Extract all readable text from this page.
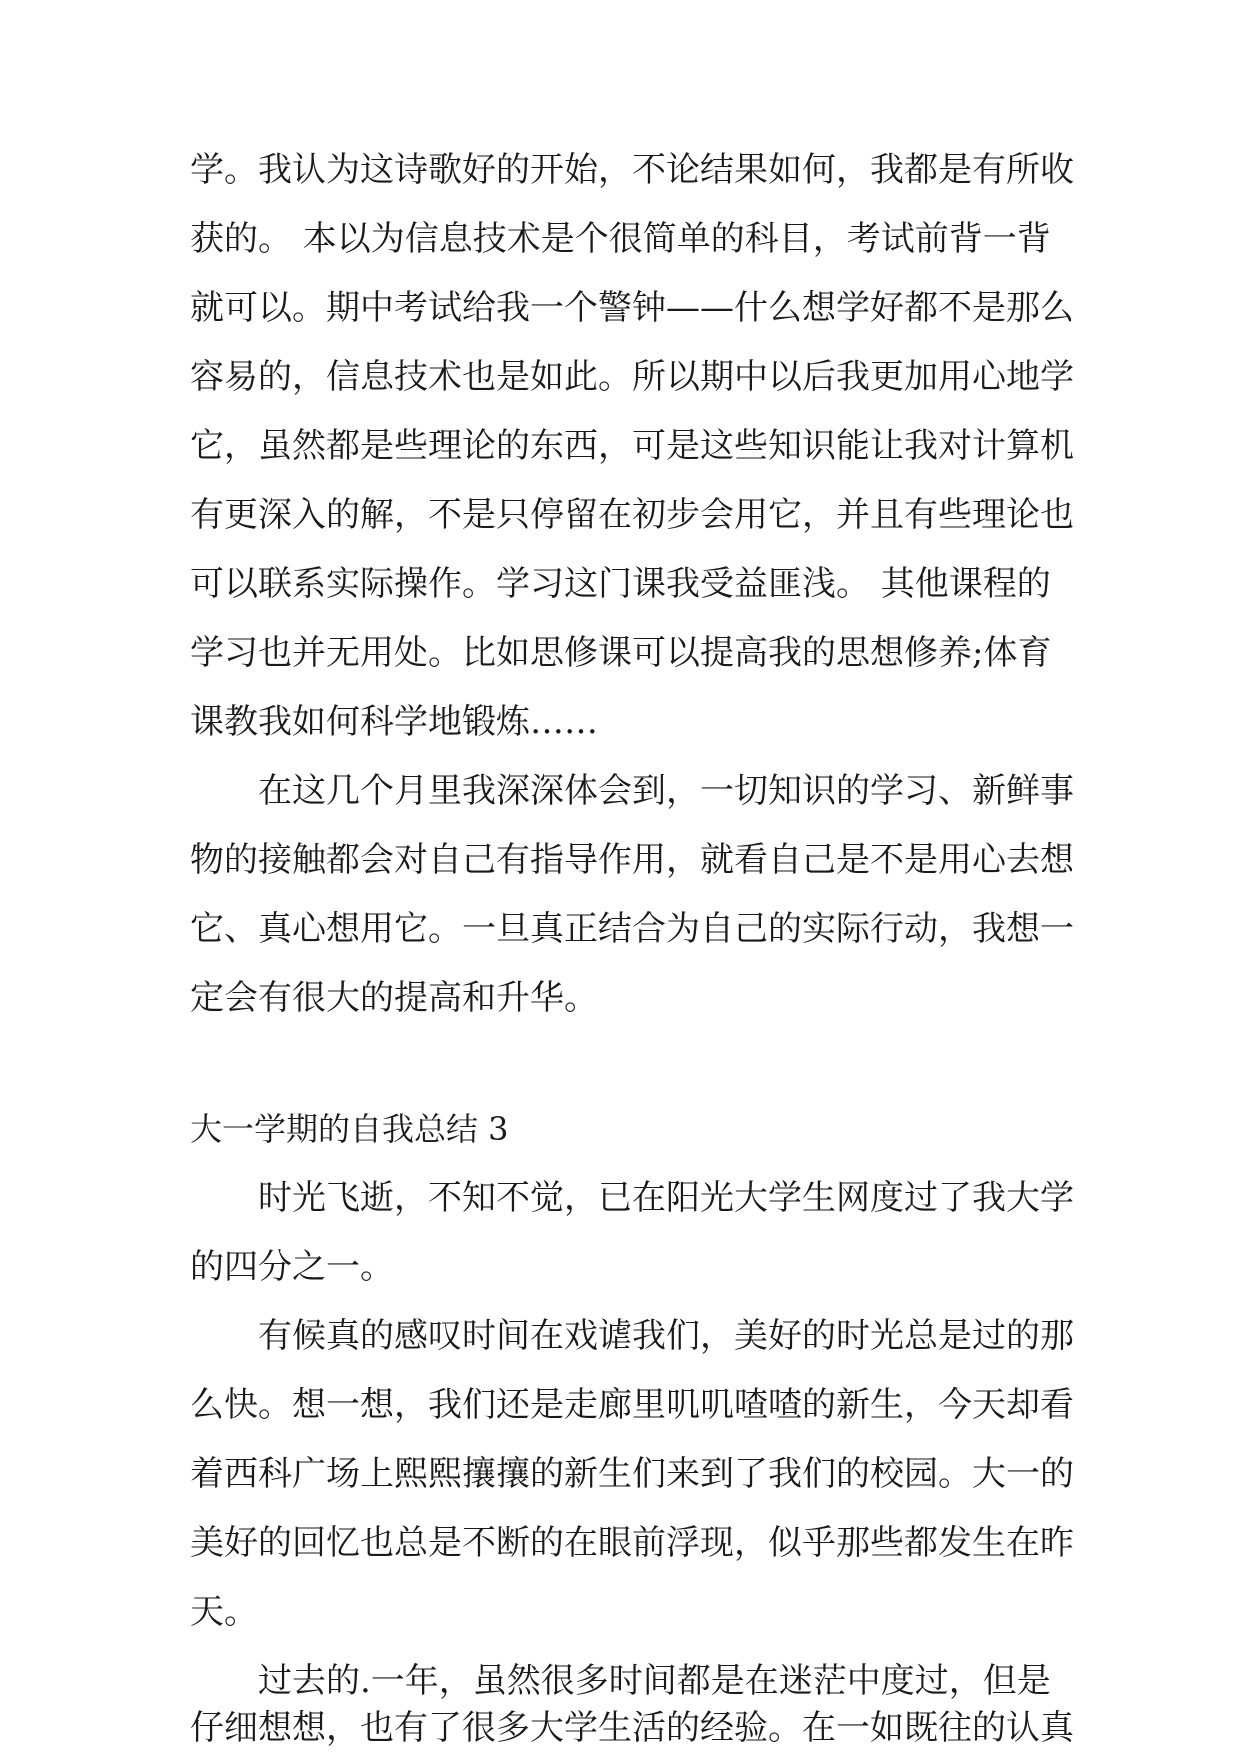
学。我认为这诗歌好的开始，不论结果如何，我都是有所收
获的。 本以为信息技术是个很简单的科目，考试前背一背
就可以。期中考试给我一个警钟——什么想学好都不是那么
容易的，信息技术也是如此。所以期中以后我更加用心地学
它，虽然都是些理论的东西，可是这些知识能让我对计算机
有更深入的解，不是只停留在初步会用它，并且有些理论也
可以联系实际操作。学习这门课我受益匪浅。 其他课程的
学习也并无用处。比如思修课可以提高我的思想修养;体育
课教我如何科学地锻炼……
在这几个月里我深深体会到，一切知识的学习、新鲜事
物的接触都会对自己有指导作用，就看自己是不是用心去想
它、真心想用它。一旦真正结合为自己的实际行动，我想一
定会有很大的提高和升华。
大一学期的自我总结 3
时光飞逝，不知不觉，已在阳光大学生网度过了我大学
的四分之一。
有候真的感叹时间在戏谑我们，美好的时光总是过的那
么快。想一想，我们还是走廊里叽叽喳喳的新生，今天却看
着西科广场上熙熙攘攘的新生们来到了我们的校园。大一的
美好的回忆也总是不断的在眼前浮现，似乎那些都发生在昨
天。
过去的.一年，虽然很多时间都是在迷茫中度过，但是
仔细想想，也有了很多大学生活的经验。在一如既往的认真
